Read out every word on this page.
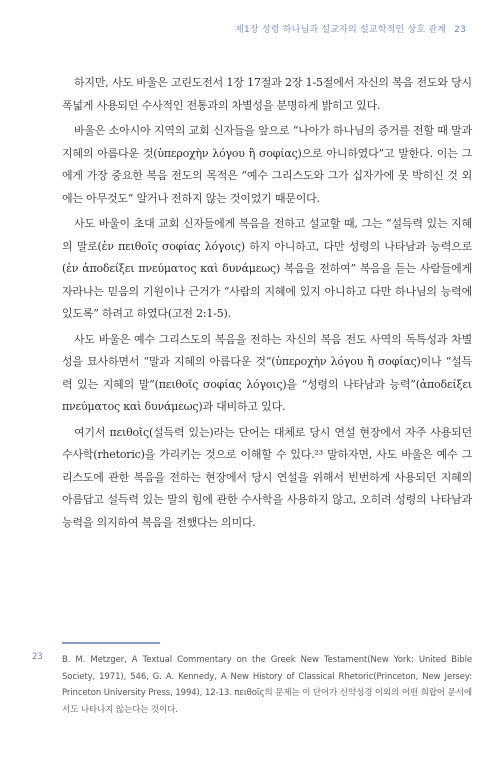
제1장 성령 하나님과 설교자의 설교학적인 상호 관계 23

하지만, 사도 바울은 고린도전서 1장 17절과 2장 1-5절에서 자신의 복음 전도와 당시 폭넓게 사용되던 수사적인 전통과의 차별성을 분명하게 밝히고 있다.

바울은 소아시아 지역의 교회 신자들을 앞으로 “나아가 하나님의 증거를 전할 때 말과 지혜의 아름다운 것(ὑπεροχὴν λόγου ἢ σοφίας)으로 아니하였다”고 말한다. 이는 그에게 가장 중요한 복음 전도의 목적은 “예수 그리스도와 그가 십자가에 못 박히신 것 외에는 아무것도” 알거나 전하지 않는 것이었기 때문이다.

사도 바울이 초대 교회 신자들에게 복음을 전하고 설교할 때, 그는 “설득력 있는 지혜의 말로(ἐν πειθοῖς σοφίας λόγοις) 하지 아니하고, 다만 성령의 나타남과 능력으로(ἐν ἀποδείξει πνεύματος καὶ δυνάμεως) 복음을 전하여” 복음을 듣는 사람들에게 자라나는 믿음의 기원이나 근거가 “사람의 지혜에 있지 아니하고 다만 하나님의 능력에 있도록” 하려고 하였다(고전 2:1-5).

사도 바울은 예수 그리스도의 복음을 전하는 자신의 복음 전도 사역의 독특성과 차별성을 묘사하면서 “말과 지혜의 아름다운 것”(ὑπεροχὴν λόγου ἢ σοφίας)이나 “설득력 있는 지혜의 말”(πειθοῖς σοφίας λόγοις)을 “성령의 나타남과 능력”(ἀποδείξει πνεύματος καὶ δυνάμεως)과 대비하고 있다.

여기서 πειθοῖς(설득력 있는)라는 단어는 대체로 당시 연설 현장에서 자주 사용되던 수사학(rhetoric)을 가리키는 것으로 이해할 수 있다.²³ 말하자면, 사도 바울은 예수 그리스도에 관한 복음을 전하는 현장에서 당시 연설을 위해서 빈번하게 사용되던 지혜의 아름답고 설득력 있는 말의 힘에 관한 수사학을 사용하지 않고, 오히려 성령의 나타남과 능력을 의지하여 복음을 전했다는 의미다.

23 B. M. Metzger, A Textual Commentary on the Greek New Testament(New York: United Bible Society, 1971), 546, G. A. Kennedy, A New History of Classical Rhetoric(Princeton, New Jersey: Princeton University Press, 1994), 12-13. πειθοῖς의 문제는 이 단어가 신약성경 이외의 어떤 희랍어 문서에서도 나타나지 않는다는 것이다.
